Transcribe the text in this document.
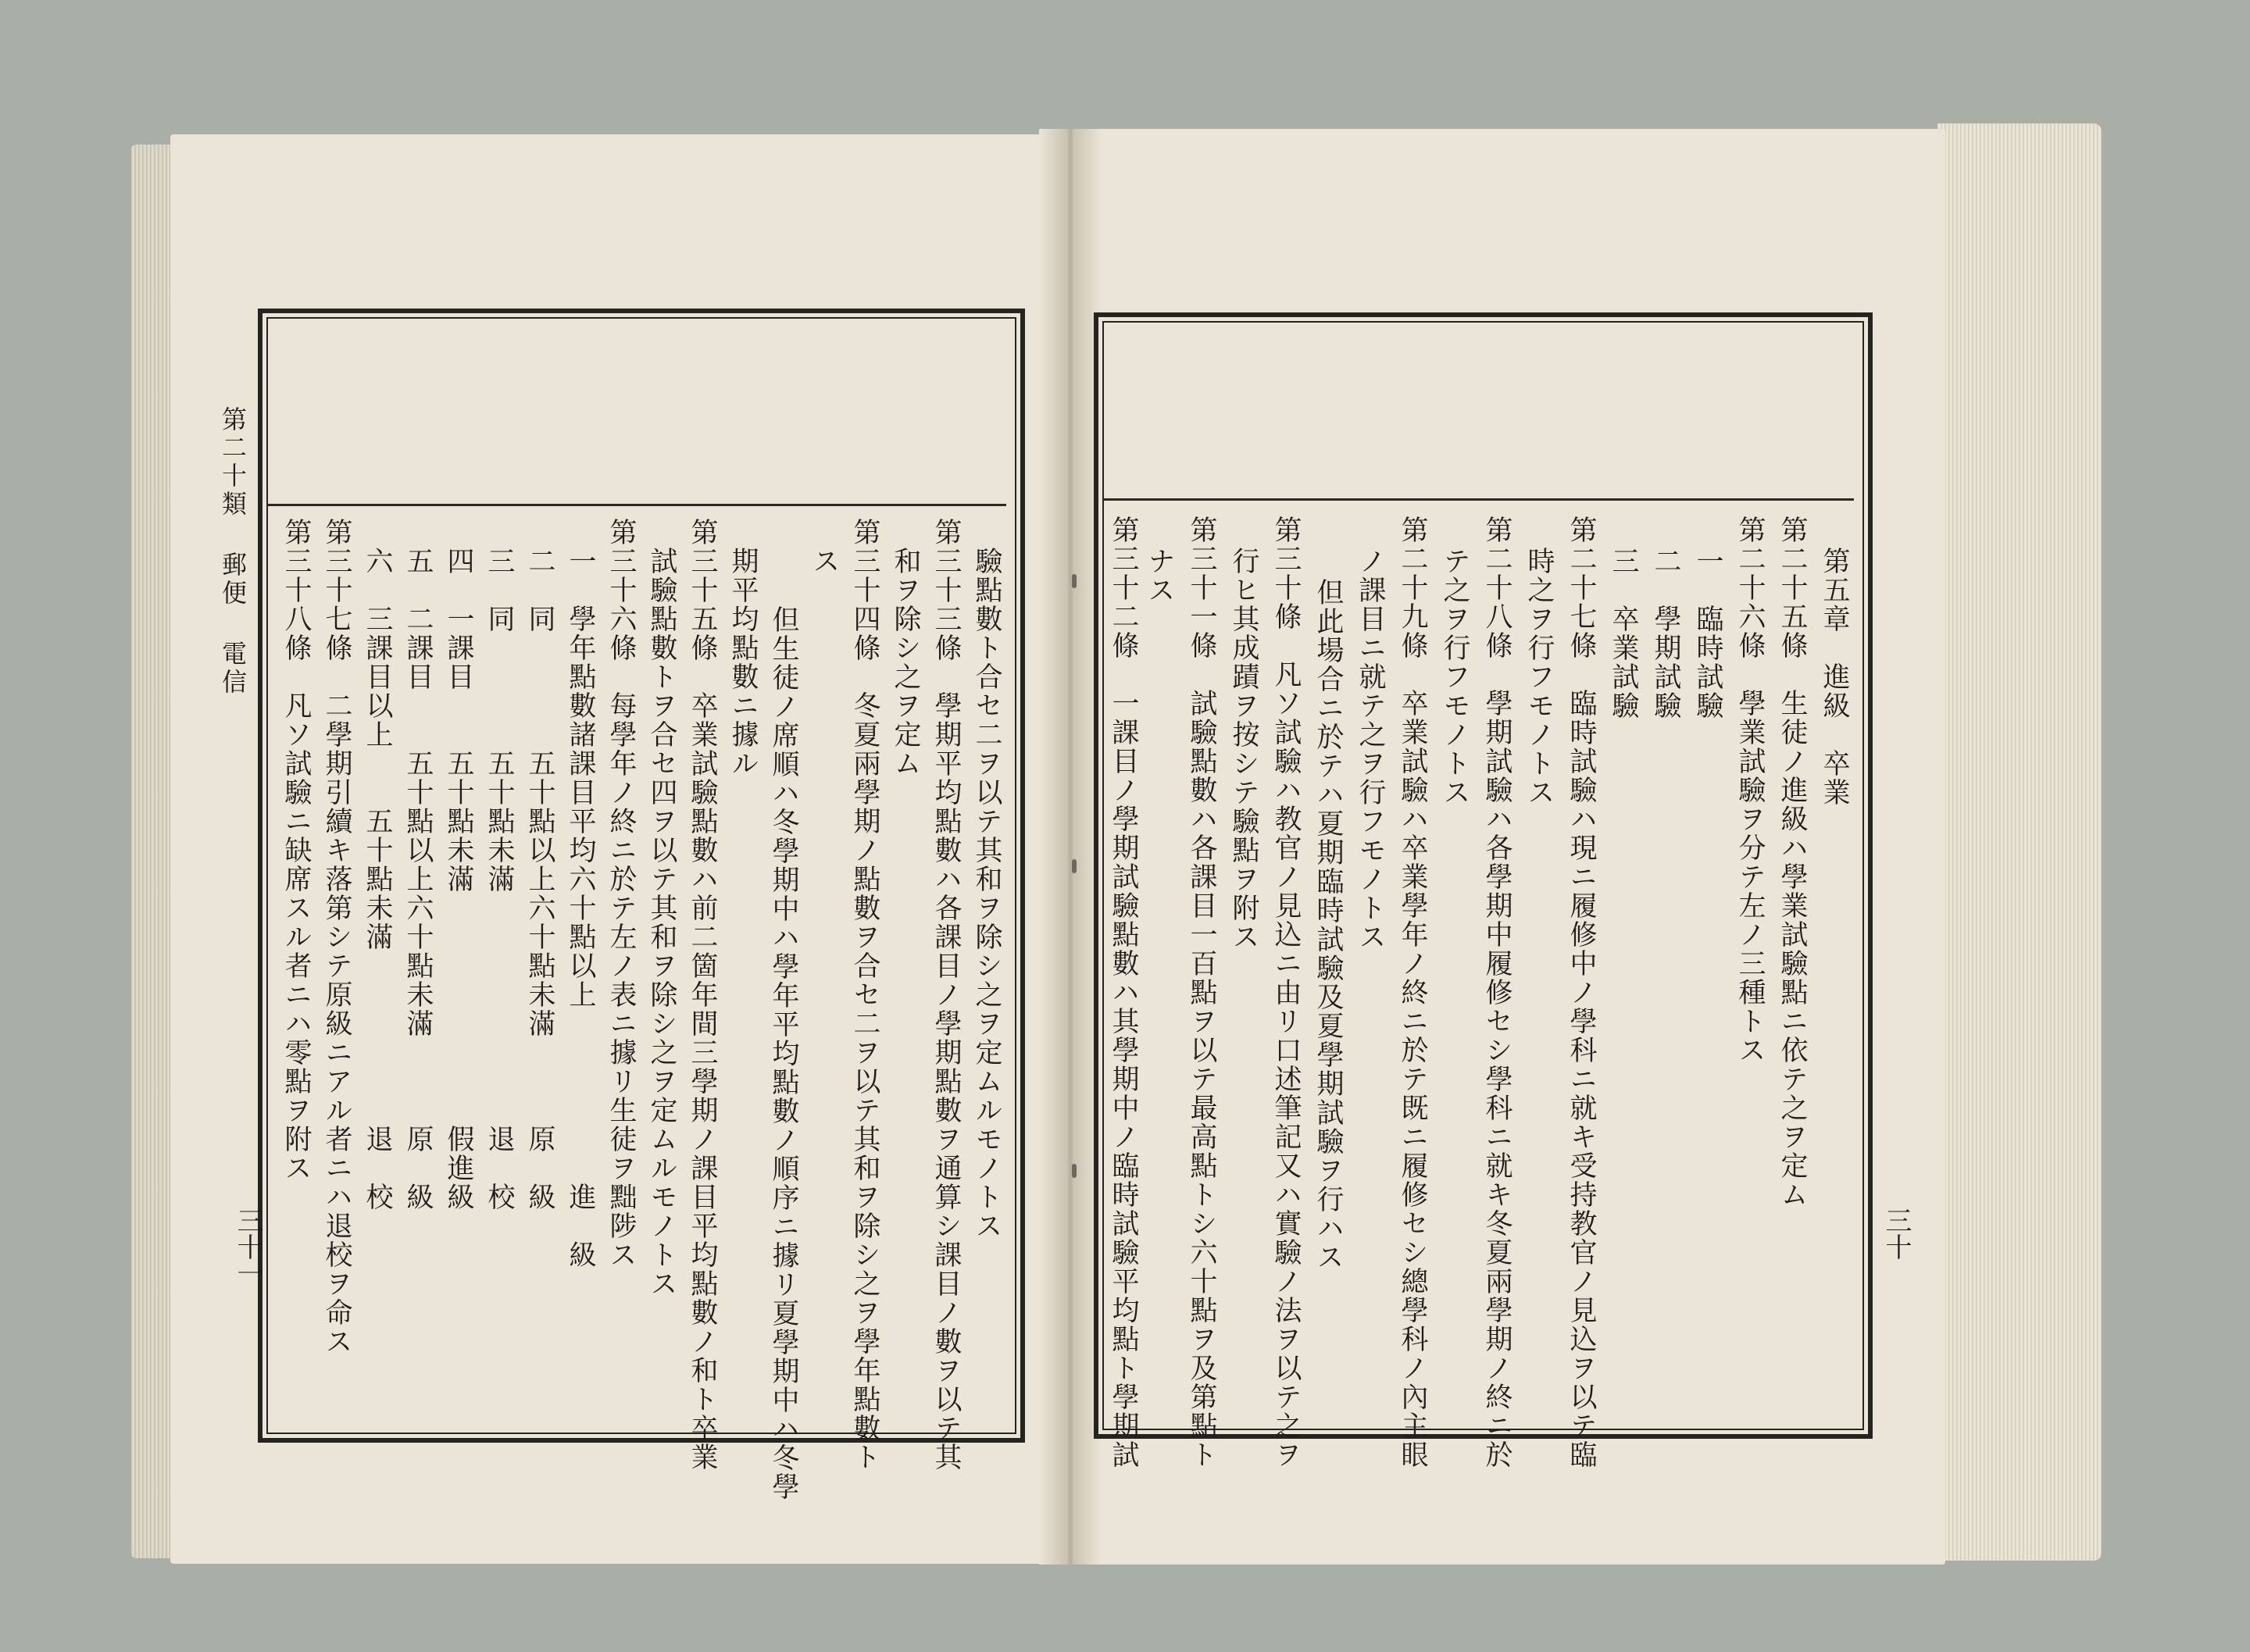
第二十類 郵便 電信
三十一
驗點數ト合セ二ヲ以テ其和ヲ除シ之ヲ定ムルモノトス
第三十三條　學期平均點數ハ各課目ノ學期點數ヲ通算シ課目ノ數ヲ以テ其
和ヲ除シ之ヲ定ム
第三十四條　冬夏兩學期ノ點數ヲ合セ二ヲ以テ其和ヲ除シ之ヲ學年點數ト
ス
但生徒ノ席順ハ冬學期中ハ學年平均點數ノ順序ニ據リ夏學期中ハ冬學
期平均點數ニ據ル
第三十五條　卒業試驗點數ハ前二箇年間三學期ノ課目平均點數ノ和ト卒業
試驗點數トヲ合セ四ヲ以テ其和ヲ除シ之ヲ定ムルモノトス
第三十六條　每學年ノ終ニ於テ左ノ表ニ據リ生徒ヲ黜陟ス
一　學年點數諸課目平均六十點以上　　　　　　進　級
二　同　　　　五十點以上六十點未滿　　　原　級
三　同　　　　五十點未滿　　　　　　　　退　校
四　一課目　　五十點未滿　　　　　　　　假進級
五　二課目　　五十點以上六十點未滿　　　原　級
六　三課目以上　　五十點未滿　　　　　　退　校
第三十七條　二學期引續キ落第シテ原級ニアル者ニハ退校ヲ命ス
第三十八條　凡ソ試驗ニ缺席スル者ニハ零點ヲ附ス
三十
第五章　進級　卒業
第二十五條　生徒ノ進級ハ學業試驗點ニ依テ之ヲ定ム
第二十六條　學業試驗ヲ分テ左ノ三種トス
一　臨時試驗
二　學期試驗
三　卒業試驗
第二十七條　臨時試驗ハ現ニ履修中ノ學科ニ就キ受持教官ノ見込ヲ以テ臨
時之ヲ行フモノトス
第二十八條　學期試驗ハ各學期中履修セシ學科ニ就キ冬夏兩學期ノ終ニ於
テ之ヲ行フモノトス
第二十九條　卒業試驗ハ卒業學年ノ終ニ於テ既ニ履修セシ總學科ノ內主眼
ノ課目ニ就テ之ヲ行フモノトス
但此場合ニ於テハ夏期臨時試驗及夏學期試驗ヲ行ハス
第三十條　凡ソ試驗ハ教官ノ見込ニ由リ口述筆記又ハ實驗ノ法ヲ以テ之ヲ
行ヒ其成蹟ヲ按シテ驗點ヲ附ス
第三十一條　試驗點數ハ各課目一百點ヲ以テ最高點トシ六十點ヲ及第點ト
ナス
第三十二條　一課目ノ學期試驗點數ハ其學期中ノ臨時試驗平均點ト學期試
